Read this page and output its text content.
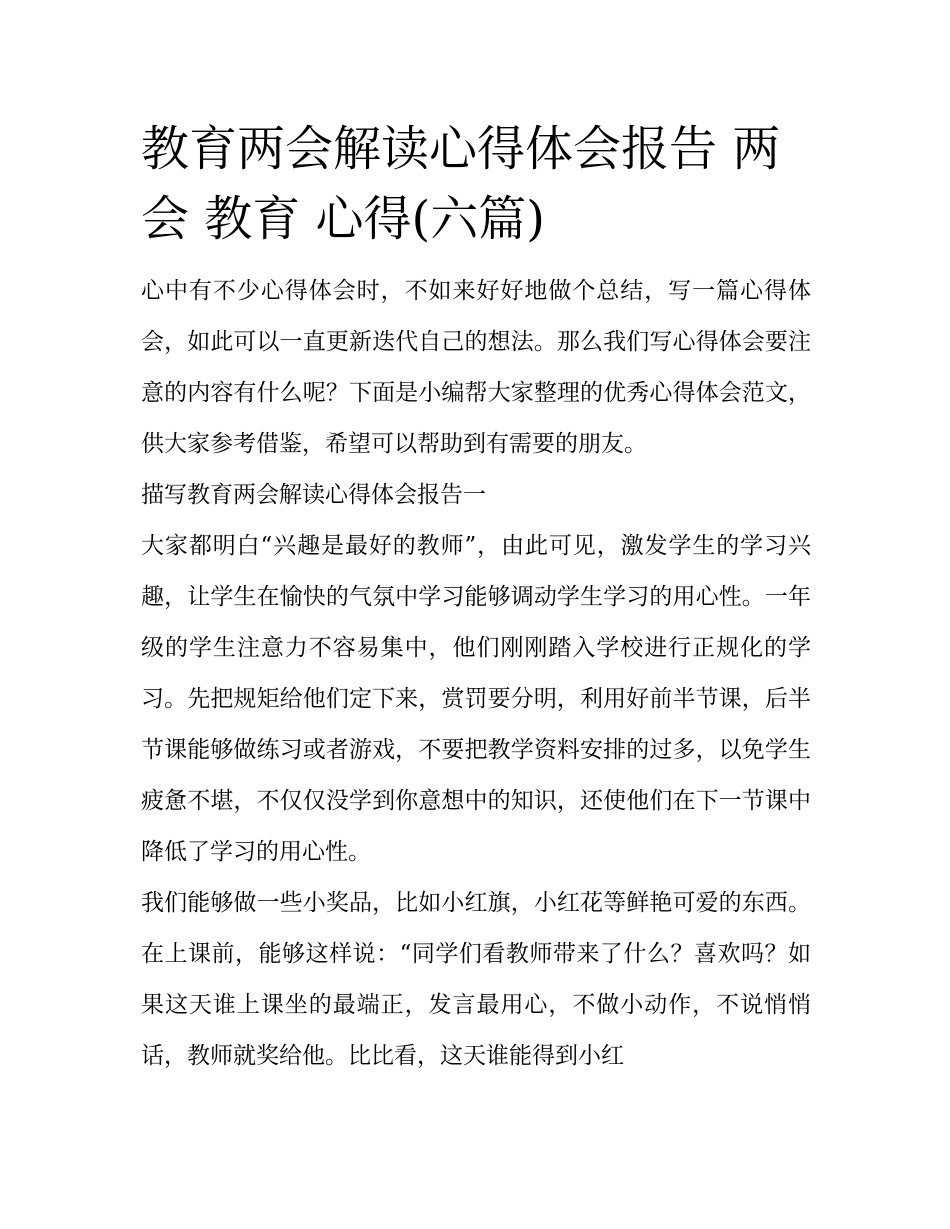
教育两会解读心得体会报告 两会 教育 心得(六篇)

心中有不少心得体会时，不如来好好地做个总结，写一篇心得体会，如此可以一直更新迭代自己的想法。那么我们写心得体会要注意的内容有什么呢？下面是小编帮大家整理的优秀心得体会范文，供大家参考借鉴，希望可以帮助到有需要的朋友。

描写教育两会解读心得体会报告一

大家都明白“兴趣是最好的教师”，由此可见，激发学生的学习兴趣，让学生在愉快的气氛中学习能够调动学生学习的用心性。一年级的学生注意力不容易集中，他们刚刚踏入学校进行正规化的学习。先把规矩给他们定下来，赏罚要分明，利用好前半节课，后半节课能够做练习或者游戏，不要把教学资料安排的过多，以免学生疲惫不堪，不仅仅没学到你意想中的知识，还使他们在下一节课中降低了学习的用心性。

我们能够做一些小奖品，比如小红旗，小红花等鲜艳可爱的东西。在上课前，能够这样说：“同学们看教师带来了什么？喜欢吗？如果这天谁上课坐的最端正，发言最用心，不做小动作，不说悄悄话，教师就奖给他。比比看，这天谁能得到小红
